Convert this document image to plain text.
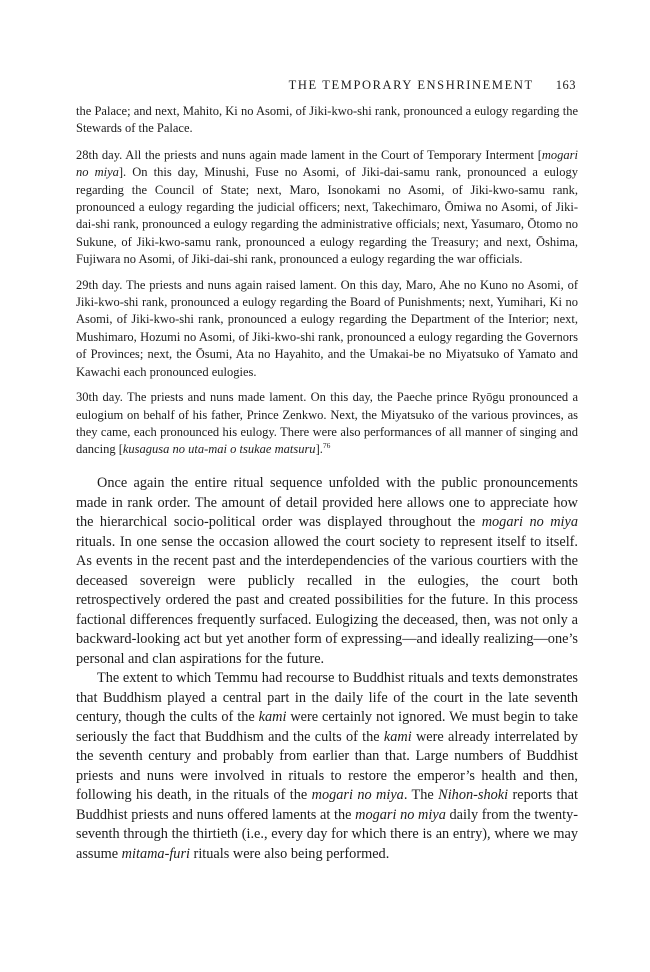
THE TEMPORARY ENSHRINEMENT 163

the Palace; and next, Mahito, Ki no Asomi, of Jiki-kwo-shi rank, pronounced a eulogy regarding the Stewards of the Palace.

28th day. All the priests and nuns again made lament in the Court of Temporary Interment [mogari no miya]. On this day, Minushi, Fuse no Asomi, of Jiki-dai-samu rank, pronounced a eulogy regarding the Council of State; next, Maro, Isonokami no Asomi, of Jiki-kwo-samu rank, pronounced a eulogy regarding the judicial officers; next, Takechimaro, Ōmiwa no Asomi, of Jiki-dai-shi rank, pronounced a eulogy regarding the administrative officials; next, Yasumaro, Ōtomo no Sukune, of Jiki-kwo-samu rank, pronounced a eulogy regarding the Treasury; and next, Ōshima, Fujiwara no Asomi, of Jiki-dai-shi rank, pronounced a eulogy regarding the war officials.

29th day. The priests and nuns again raised lament. On this day, Maro, Ahe no Kuno no Asomi, of Jiki-kwo-shi rank, pronounced a eulogy regarding the Board of Punishments; next, Yumihari, Ki no Asomi, of Jiki-kwo-shi rank, pronounced a eulogy regarding the Department of the Interior; next, Mushimaro, Hozumi no Asomi, of Jiki-kwo-shi rank, pronounced a eulogy regarding the Governors of Provinces; next, the Ōsumi, Ata no Hayahito, and the Umakai-be no Miyatsuko of Yamato and Kawachi each pronounced eulogies.

30th day. The priests and nuns made lament. On this day, the Paeche prince Ryōgu pronounced a eulogium on behalf of his father, Prince Zenkwo. Next, the Miyatsuko of the various provinces, as they came, each pronounced his eulogy. There were also performances of all manner of singing and dancing [kusagusa no uta-mai o tsukae matsuru].$^{76}$

Once again the entire ritual sequence unfolded with the public pronouncements made in rank order. The amount of detail provided here allows one to appreciate how the hierarchical socio-political order was displayed throughout the mogari no miya rituals. In one sense the occasion allowed the court society to represent itself to itself. As events in the recent past and the interdependencies of the various courtiers with the deceased sovereign were publicly recalled in the eulogies, the court both retrospectively ordered the past and created possibilities for the future. In this process factional differences frequently surfaced. Eulogizing the deceased, then, was not only a backward-looking act but yet another form of expressing—and ideally realizing—one’s personal and clan aspirations for the future.

The extent to which Temmu had recourse to Buddhist rituals and texts demonstrates that Buddhism played a central part in the daily life of the court in the late seventh century, though the cults of the kami were certainly not ignored. We must begin to take seriously the fact that Buddhism and the cults of the kami were already interrelated by the seventh century and probably from earlier than that. Large numbers of Buddhist priests and nuns were involved in rituals to restore the emperor’s health and then, following his death, in the rituals of the mogari no miya. The Nihon-shoki reports that Buddhist priests and nuns offered laments at the mogari no miya daily from the twenty-seventh through the thirtieth (i.e., every day for which there is an entry), where we may assume mitama-furi rituals were also being performed.
